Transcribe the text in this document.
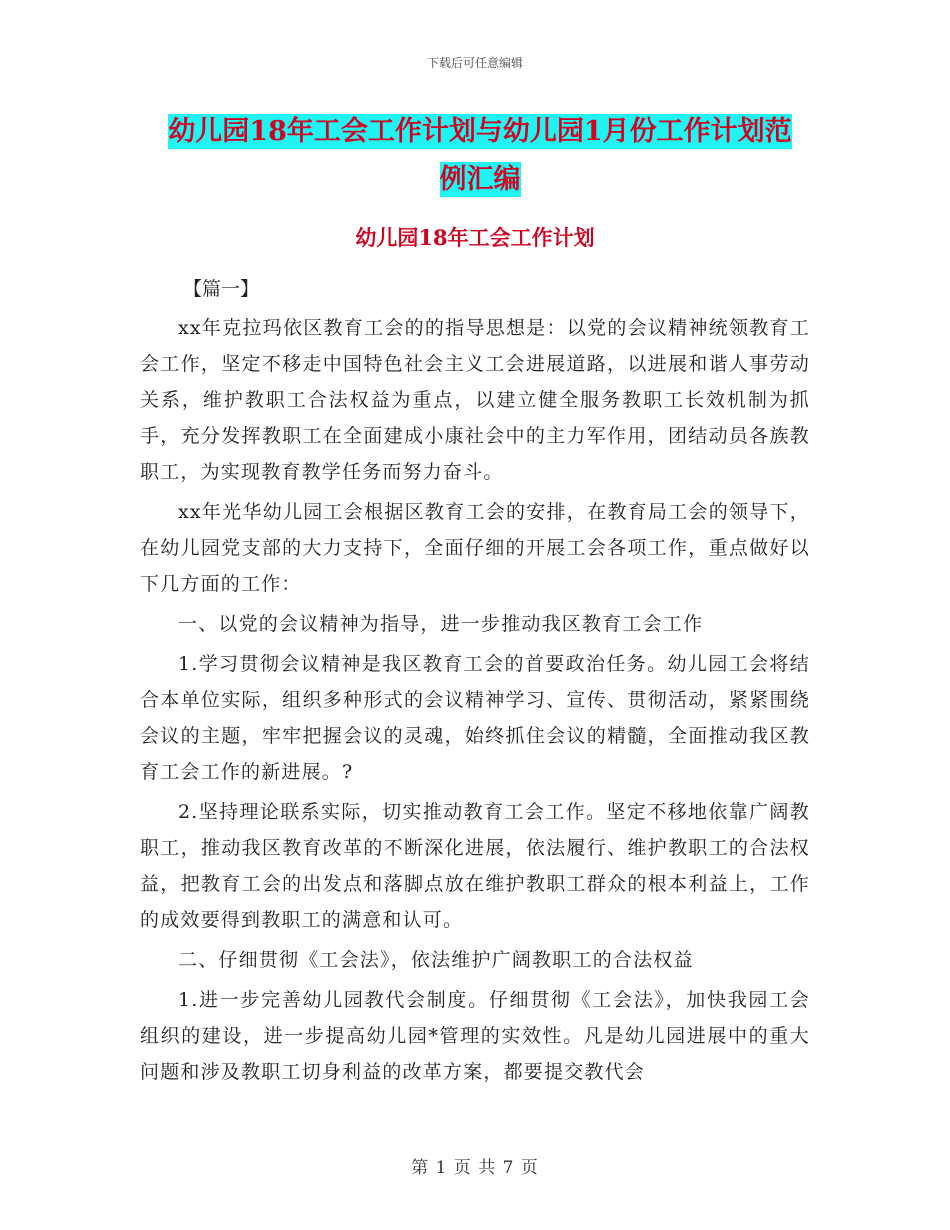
下载后可任意编辑
幼儿园18年工会工作计划与幼儿园1月份工作计划范
例汇编
幼儿园18年工会工作计划
【篇一】

xx年克拉玛依区教育工会的的指导思想是：以党的会议精神统领教育工会工作，坚定不移走中国特色社会主义工会进展道路，以进展和谐人事劳动关系，维护教职工合法权益为重点，以建立健全服务教职工长效机制为抓手，充分发挥教职工在全面建成小康社会中的主力军作用，团结动员各族教职工，为实现教育教学任务而努力奋斗。

xx年光华幼儿园工会根据区教育工会的安排，在教育局工会的领导下，在幼儿园党支部的大力支持下，全面仔细的开展工会各项工作，重点做好以下几方面的工作：

一、以党的会议精神为指导，进一步推动我区教育工会工作

1.学习贯彻会议精神是我区教育工会的首要政治任务。幼儿园工会将结合本单位实际，组织多种形式的会议精神学习、宣传、贯彻活动，紧紧围绕会议的主题，牢牢把握会议的灵魂，始终抓住会议的精髓，全面推动我区教育工会工作的新进展。?

2.坚持理论联系实际，切实推动教育工会工作。坚定不移地依靠广阔教职工，推动我区教育改革的不断深化进展，依法履行、维护教职工的合法权益，把教育工会的出发点和落脚点放在维护教职工群众的根本利益上，工作的成效要得到教职工的满意和认可。

二、仔细贯彻《工会法》，依法维护广阔教职工的合法权益

1.进一步完善幼儿园教代会制度。仔细贯彻《工会法》，加快我园工会组织的建设，进一步提高幼儿园*管理的实效性。凡是幼儿园进展中的重大问题和涉及教职工切身利益的改革方案，都要提交教代会

第 1 页 共 7 页
